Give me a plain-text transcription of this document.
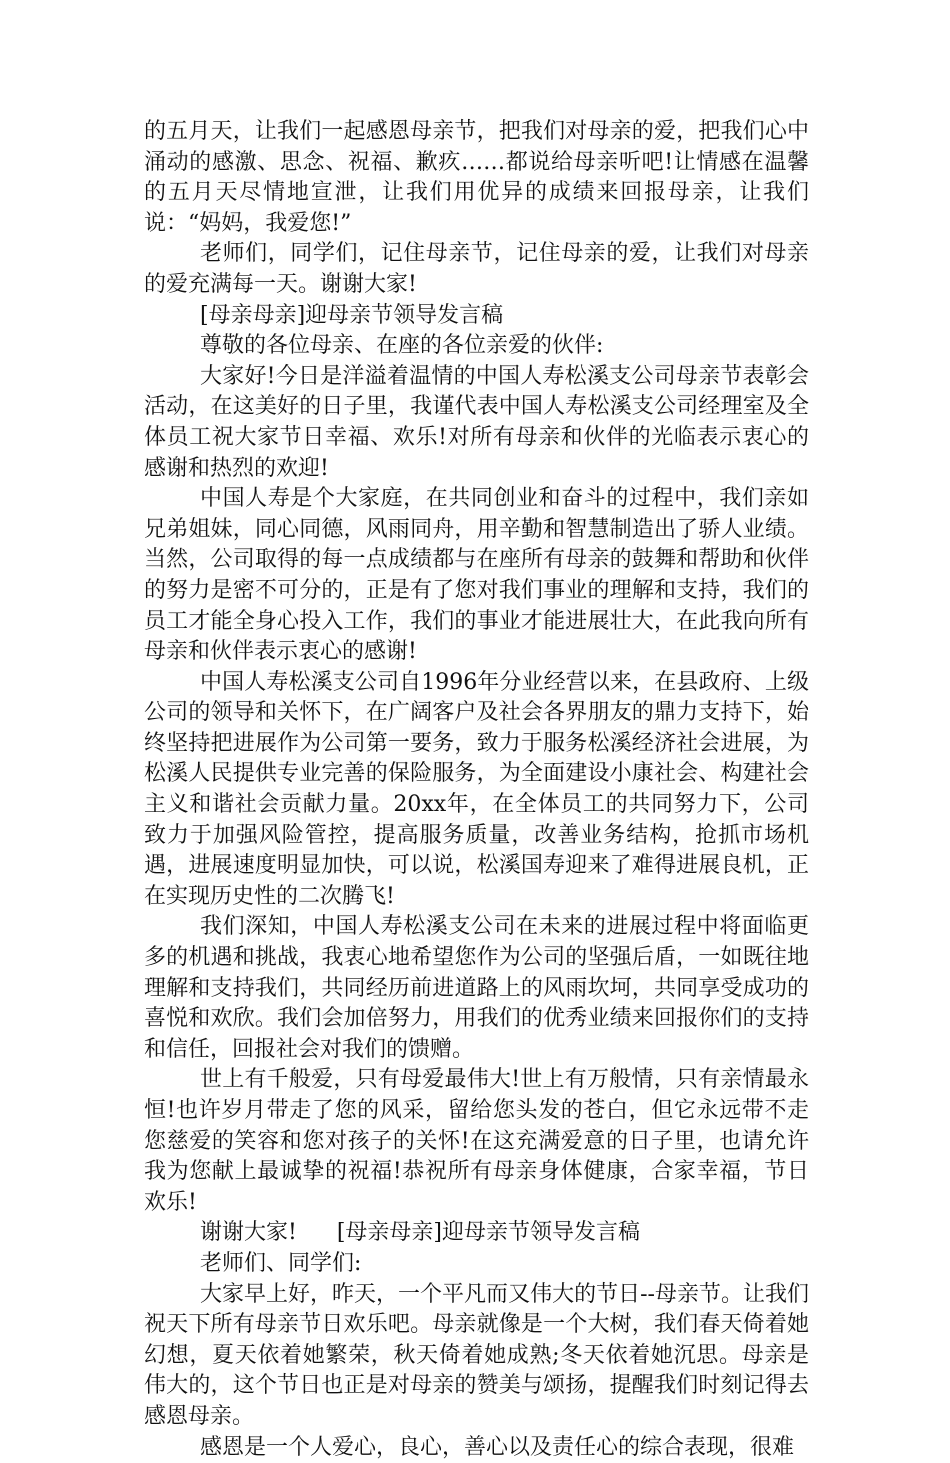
的五月天，让我们一起感恩母亲节，把我们对母亲的爱，把我们心中涌动的感激、思念、祝福、歉疚……都说给母亲听吧!让情感在温馨的五月天尽情地宣泄，让我们用优异的成绩来回报母亲，让我们说：“妈妈，我爱您!”

老师们，同学们，记住母亲节，记住母亲的爱，让我们对母亲的爱充满每一天。谢谢大家!

[母亲母亲]迎母亲节领导发言稿

尊敬的各位母亲、在座的各位亲爱的伙伴:

大家好!今日是洋溢着温情的中国人寿松溪支公司母亲节表彰会活动，在这美好的日子里，我谨代表中国人寿松溪支公司经理室及全体员工祝大家节日幸福、欢乐!对所有母亲和伙伴的光临表示衷心的感谢和热烈的欢迎!

中国人寿是个大家庭，在共同创业和奋斗的过程中，我们亲如兄弟姐妹，同心同德，风雨同舟，用辛勤和智慧制造出了骄人业绩。当然，公司取得的每一点成绩都与在座所有母亲的鼓舞和帮助和伙伴的努力是密不可分的，正是有了您对我们事业的理解和支持，我们的员工才能全身心投入工作，我们的事业才能进展壮大，在此我向所有母亲和伙伴表示衷心的感谢!

中国人寿松溪支公司自1996年分业经营以来，在县政府、上级公司的领导和关怀下，在广阔客户及社会各界朋友的鼎力支持下，始终坚持把进展作为公司第一要务，致力于服务松溪经济社会进展，为松溪人民提供专业完善的保险服务，为全面建设小康社会、构建社会主义和谐社会贡献力量。20xx年，在全体员工的共同努力下，公司致力于加强风险管控，提高服务质量，改善业务结构，抢抓市场机遇，进展速度明显加快，可以说，松溪国寿迎来了难得进展良机，正在实现历史性的二次腾飞!

我们深知，中国人寿松溪支公司在未来的进展过程中将面临更多的机遇和挑战，我衷心地希望您作为公司的坚强后盾，一如既往地理解和支持我们，共同经历前进道路上的风雨坎坷，共同享受成功的喜悦和欢欣。我们会加倍努力，用我们的优秀业绩来回报你们的支持和信任，回报社会对我们的馈赠。

世上有千般爱，只有母爱最伟大!世上有万般情，只有亲情最永恒!也许岁月带走了您的风采，留给您头发的苍白，但它永远带不走您慈爱的笑容和您对孩子的关怀!在这充满爱意的日子里，也请允许我为您献上最诚挚的祝福!恭祝所有母亲身体健康，合家幸福，节日欢乐!

谢谢大家! [母亲母亲]迎母亲节领导发言稿

老师们、同学们:

大家早上好，昨天，一个平凡而又伟大的节日--母亲节。让我们祝天下所有母亲节日欢乐吧。母亲就像是一个大树，我们春天倚着她幻想，夏天依着她繁荣，秋天倚着她成熟;冬天依着她沉思。母亲是伟大的，这个节日也正是对母亲的赞美与颂扬，提醒我们时刻记得去感恩母亲。

感恩是一个人爱心，良心，善心以及责任心的综合表现，很难
